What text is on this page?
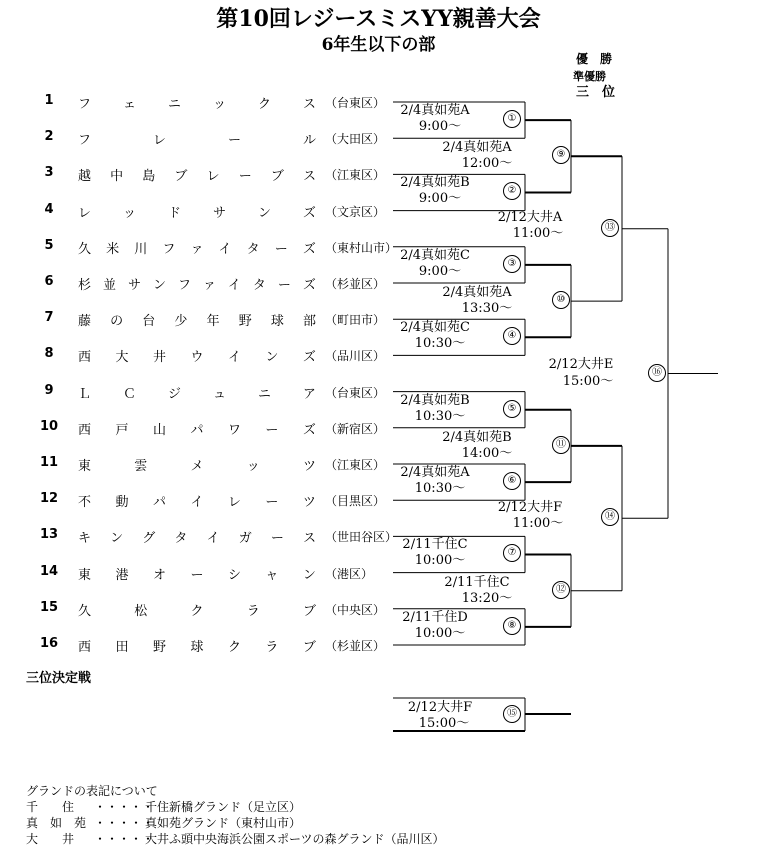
第10回レジースミスYY親善大会
6年生以下の部
優　勝
準優勝
三　位
1	フ ェ ニ ッ ク ス （台東区）
2	フ	レ	ー	ル （大田区）
3	越 中 島 ブ レ ー ブ ス （江東区）
4	レ ッ ド サ ン ズ （文京区）
5	久 米 川 フ ァ イ タ ー ズ （東村山市）
6	杉 並 サ ン フ ァ イ タ ー ズ （杉並区）
7	藤 の 台 少 年 野 球 部 （町田市）
8	西 大 井 ウ イ ン ズ （品川区）
9	Ｌ Ｃ ジ ュ ニ ア （台東区）
10 西 戸 山 パ ワ ー ズ （新宿区）
11 東	雲	メ	ッ	ツ （江東区）
12 不 動 パ イ レ ー ツ （目黒区）
13 キ ン グ タ イ ガ ー ス （世田谷区）
14 東 港 オ ー シ ャ ン （港区）
15 久	松	ク	ラ	ブ （中央区）
16 西 田 野 球 ク ラ ブ （杉並区）
①
2/4真如苑A
9:00～
②
2/4真如苑B
9:00～
③
2/4真如苑C
9:00～
④
2/4真如苑C
10:30～
⑤
2/4真如苑B
10:30～
⑥
2/4真如苑A
10:30～
⑦
2/11千住C
10:00～
⑧
2/11千住D
10:00～
⑨
2/4真如苑A
12:00～
⑩
2/4真如苑A
13:30～
⑪
2/4真如苑B
14:00～
⑫
2/11千住C
13:20～
⑬
2/12大井A
11:00～
⑭
2/12大井F
11:00～
⑯
2/12大井E
15:00～
⑮
2/12大井F
15:00～
三位決定戦
グランドの表記について
千　　住 ・・・・・
千住新橋グランド（足立区）
真　如　苑 ・・・・・
真如苑グランド（東村山市）
大　　井 ・・・・・
大井ふ頭中央海浜公園スポーツの森グランド（品川区）
